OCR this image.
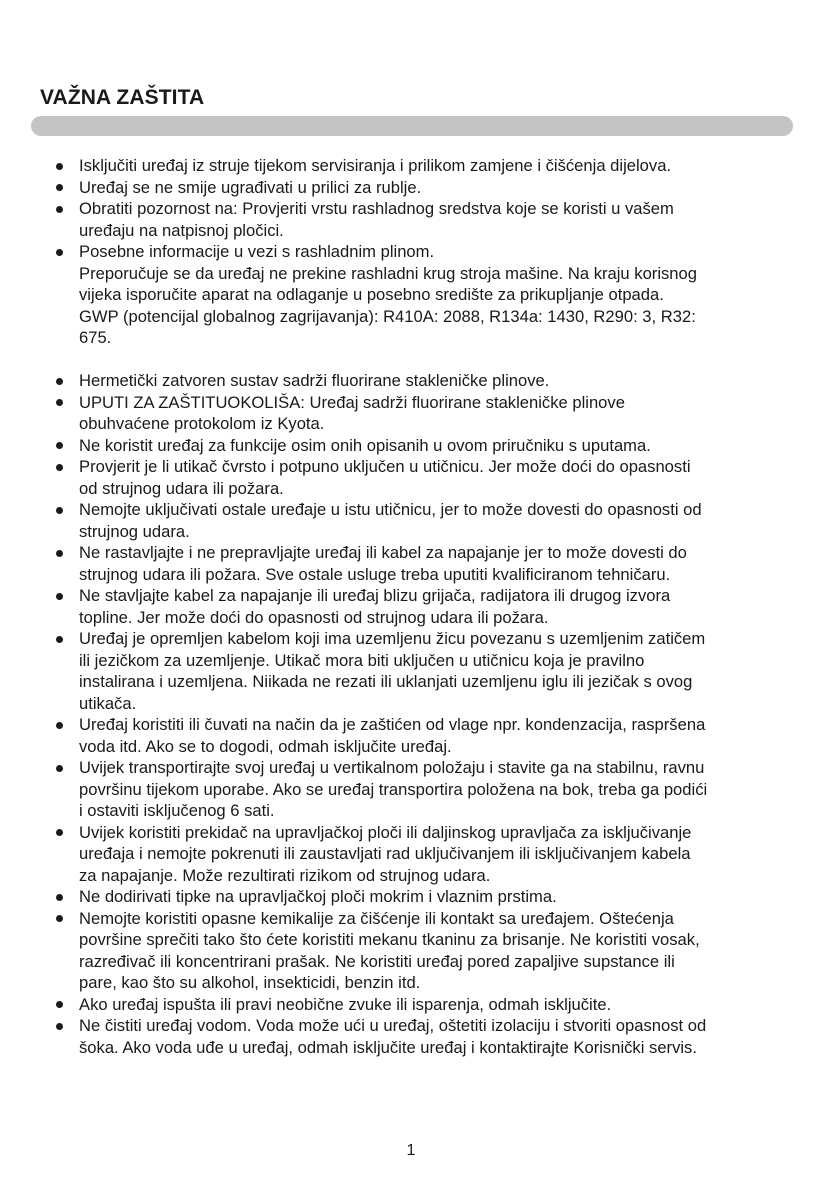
VAŽNA ZAŠTITA
Isključiti uređaj iz struje tijekom servisiranja i prilikom zamjene i čišćenja dijelova.
Uređaj se ne smije ugrađivati u prilici za rublje.
Obratiti pozornost na: Provjeriti vrstu rashladnog sredstva koje se koristi u vašem
uređaju na natpisnoj pločici.
Posebne informacije u vezi s rashladnim plinom.
Preporučuje se da uređaj ne prekine rashladni krug stroja mašine. Na kraju korisnog
vijeka isporučite aparat na odlaganje u posebno središte za prikupljanje otpada.
GWP (potencijal globalnog zagrijavanja): R410A: 2088, R134a: 1430, R290: 3, R32:
675.
Hermetički zatvoren sustav sadrži fluorirane stakleničke plinove.
UPUTI ZA ZAŠTITUOKOLIŠA: Uređaj sadrži fluorirane stakleničke plinove
obuhvaćene protokolom iz Kyota.
Ne koristit uređaj za funkcije osim onih opisanih u ovom priručniku s uputama.
Provjerit je li utikač čvrsto i potpuno uključen u utičnicu. Jer može doći do opasnosti
od strujnog udara ili požara.
Nemojte uključivati ostale uređaje u istu utičnicu, jer to može dovesti do opasnosti od
strujnog udara.
Ne rastavljajte i ne prepravljajte uređaj ili kabel za napajanje jer to može dovesti do
strujnog udara ili požara. Sve ostale usluge treba uputiti kvalificiranom tehničaru.
Ne stavljajte kabel za napajanje ili uređaj blizu grijača, radijatora ili drugog izvora
topline. Jer može doći do opasnosti od strujnog udara ili požara.
Uređaj je opremljen kabelom koji ima uzemljenu žicu povezanu s uzemljenim zatičem
ili jezičkom za uzemljenje. Utikač mora biti uključen u utičnicu koja je pravilno
instalirana i uzemljena. Niikada ne rezati ili uklanjati uzemljenu iglu ili jezičak s ovog
utikača.
Uređaj koristiti ili čuvati na način da je zaštićen od vlage npr. kondenzacija, raspršena
voda itd. Ako se to dogodi, odmah isključite uređaj.
Uvijek transportirajte svoj uređaj u vertikalnom položaju i stavite ga na stabilnu, ravnu
površinu tijekom uporabe. Ako se uređaj transportira položena na bok, treba ga podići
i ostaviti isključenog 6 sati.
Uvijek koristiti prekidač na upravljačkoj ploči ili daljinskog upravljača za isključivanje
uređaja i nemojte pokrenuti ili zaustavljati rad uključivanjem ili isključivanjem kabela
za napajanje. Može rezultirati rizikom od strujnog udara.
Ne dodirivati tipke na upravljačkoj ploči mokrim i vlaznim prstima.
Nemojte koristiti opasne kemikalije za čišćenje ili kontakt sa uređajem. Oštećenja
površine sprečiti tako što ćete koristiti mekanu tkaninu za brisanje. Ne koristiti vosak,
razređivač ili koncentrirani prašak. Ne koristiti uređaj pored zapaljive supstance ili
pare, kao što su alkohol, insekticidi, benzin itd.
Ako uređaj ispušta ili pravi neobične zvuke ili isparenja, odmah isključite.
Ne čistiti uređaj vodom. Voda može ući u uređaj, oštetiti izolaciju i stvoriti opasnost od
šoka. Ako voda uđe u uređaj, odmah isključite uređaj i kontaktirajte Korisnički servis.
1
